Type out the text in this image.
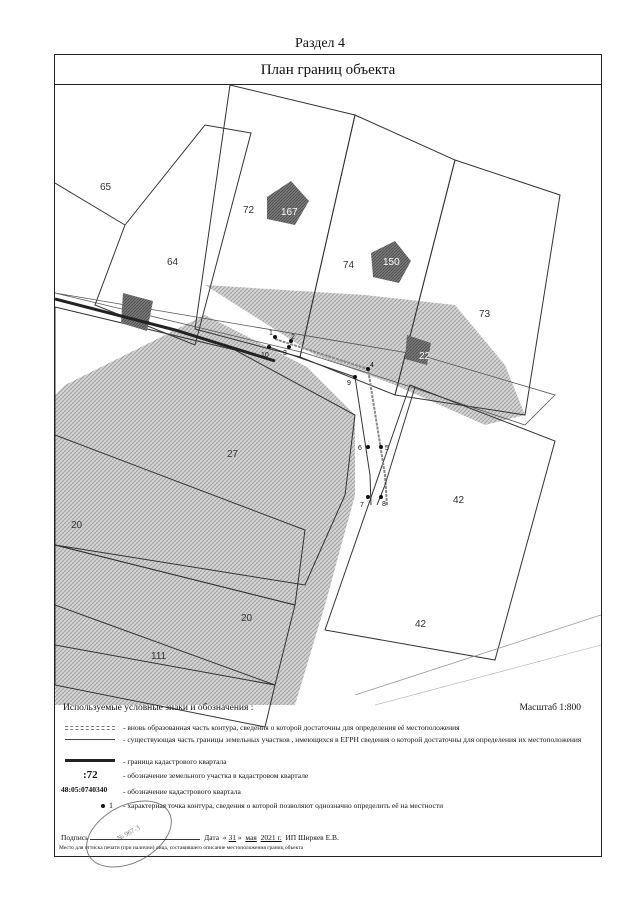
Раздел 4
План границ объекта
65
64
72
72
167
74	150
73
22
27
20
20
111
42
42
1
2
3
4
5
6
7	8
9
10
Используемые условные знаки и обозначения :	Масштаб 1:800
- вновь образованная часть контура, сведения о которой достаточны для определения её местоположения
- существующая часть границы земельных участков , имеющихся в ЕГРН сведения о которой достаточны для определения их местоположения
- граница кадастрового квартала
:72	- обозначение земельного участка в кадастровом квартале
48:05:0740340 - обозначение кадастрового квартала
1 - характерная точка контура, сведения о которой позволяют однозначно определить её на местности
№ 967-3
Подпись	Дата  « 31 »  мая 2021 г. ИП Ширяев Е.В.
Место для оттиска печати (при наличии) лица, составившего описание местоположения границ объекта
